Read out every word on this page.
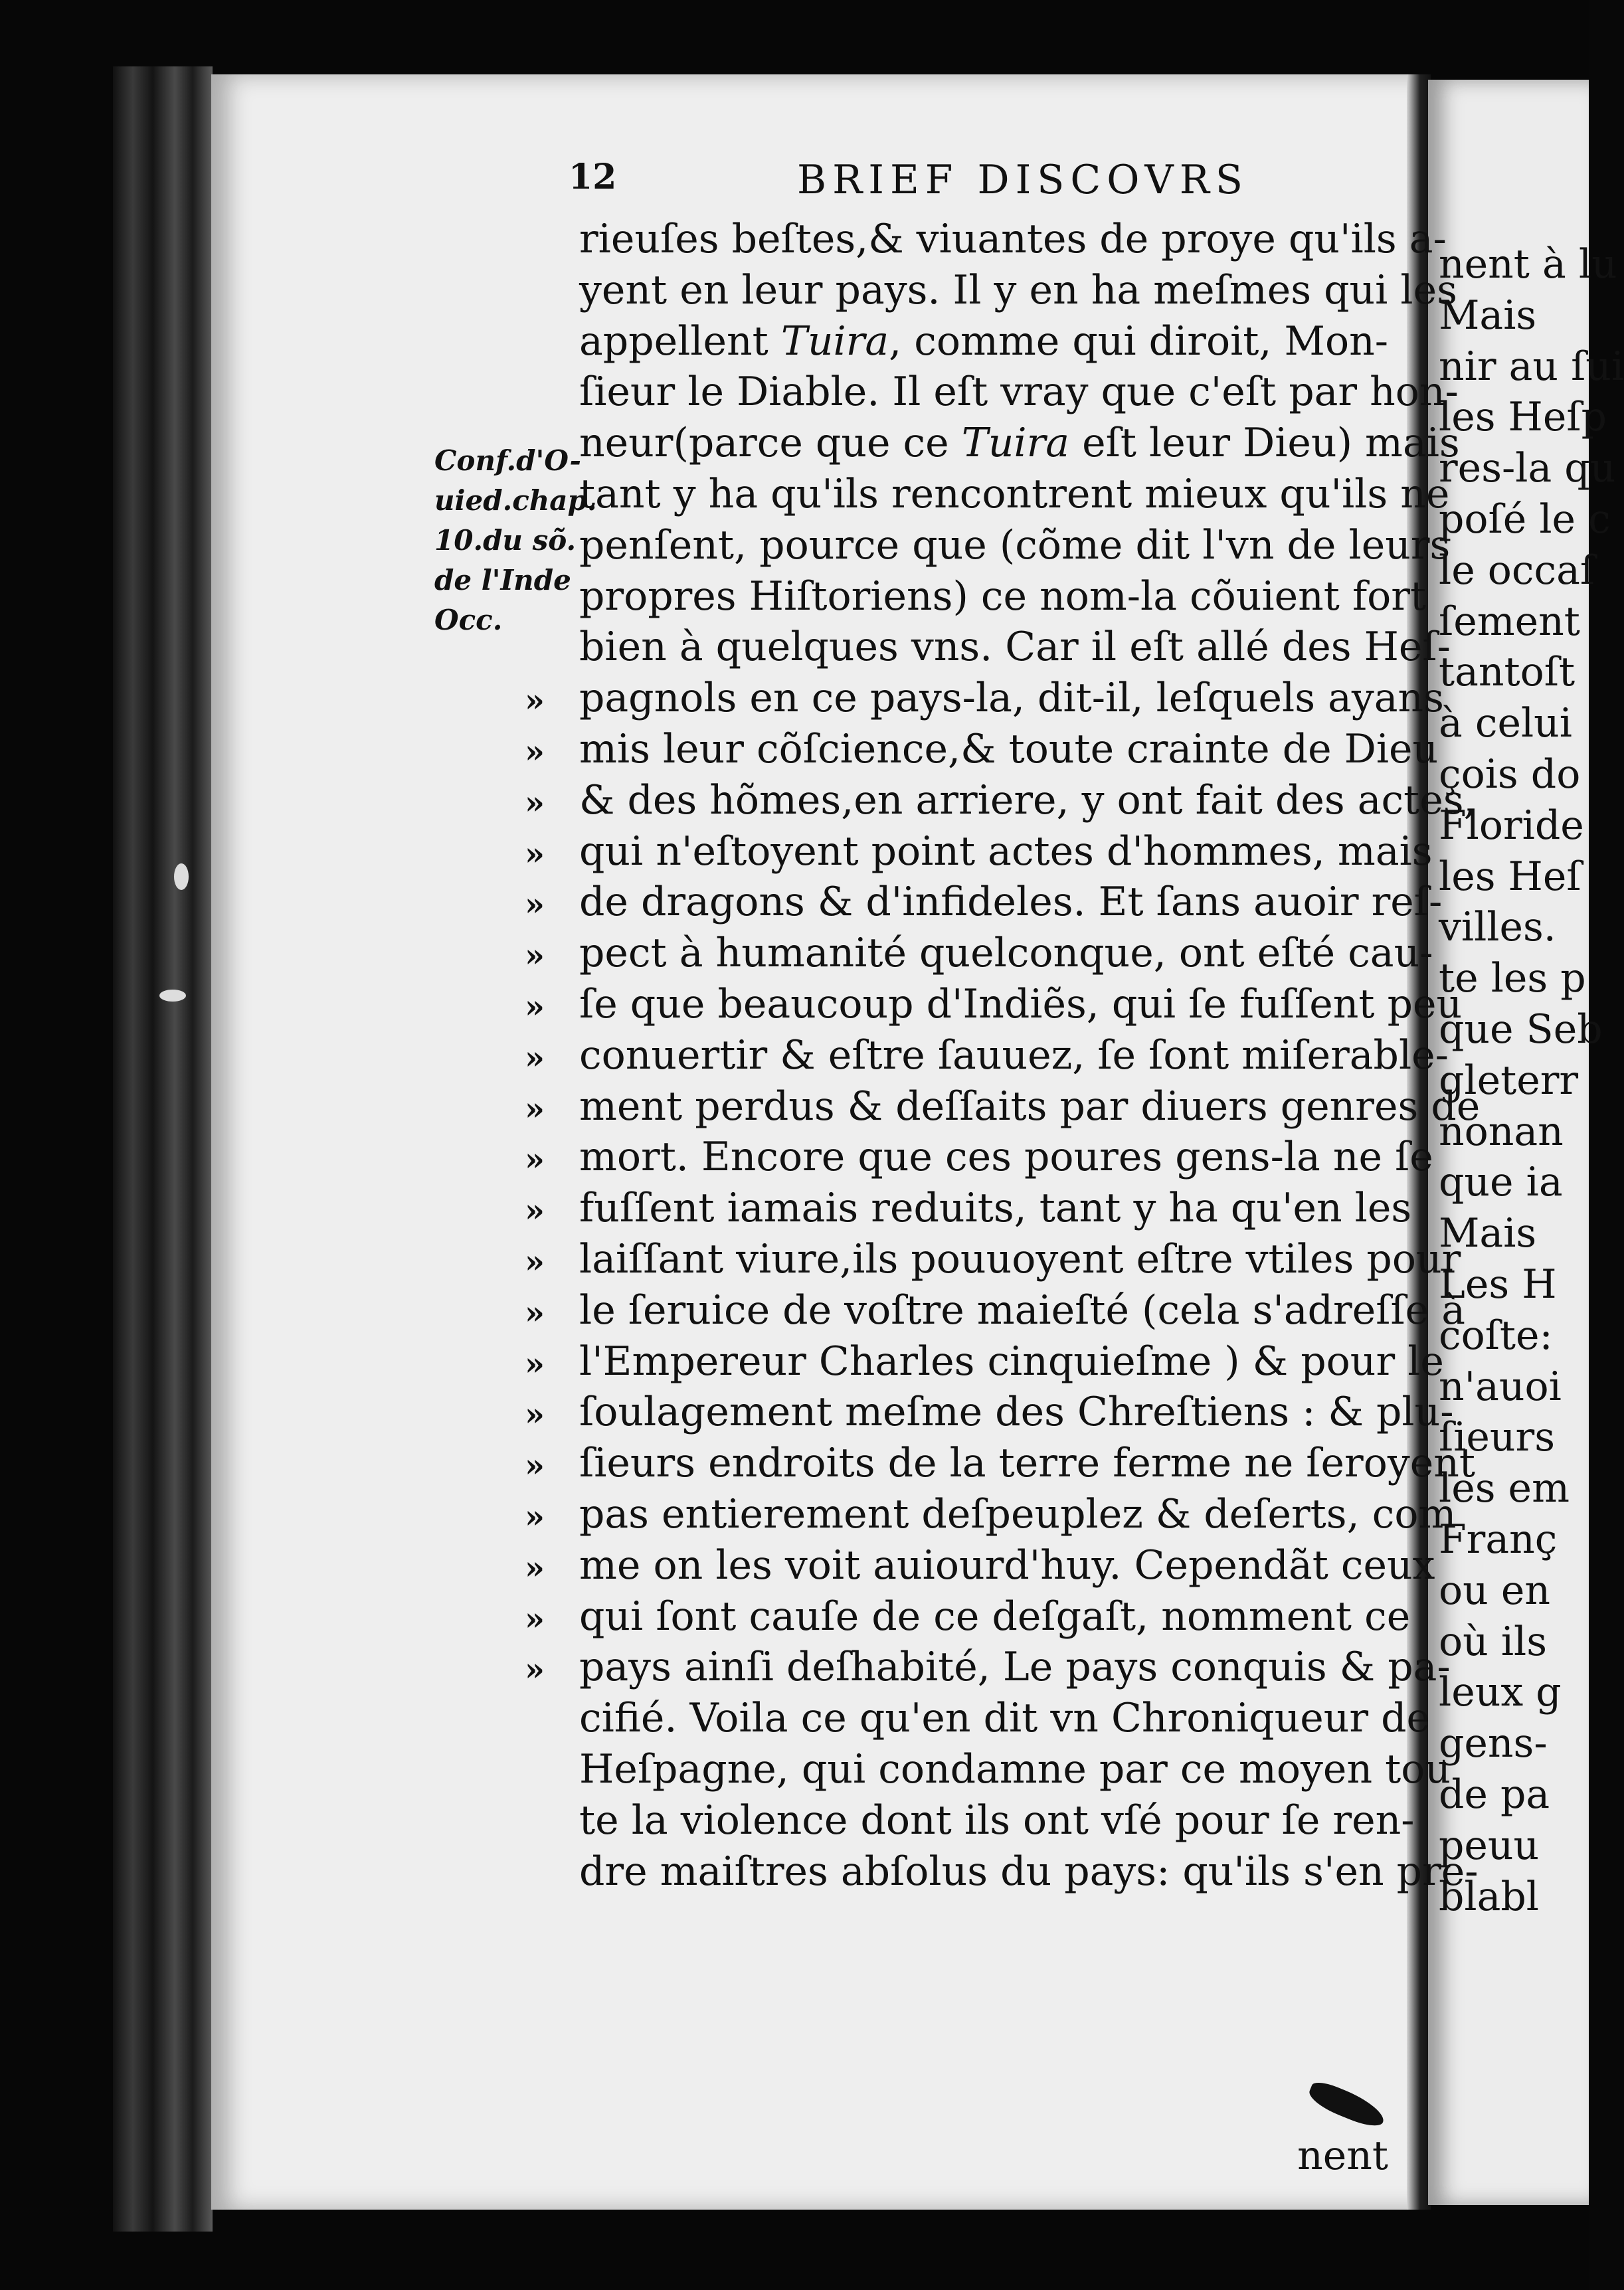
12	BRIEF DISCOVRS
Conf.d'O-
uied.chap.
10.du sõ.
de l'Inde
Occ.
rieuſes beſtes,& viuantes de proye qu'ils a-
yent en leur pays. Il y en ha meſmes qui les
appellent Tuira, comme qui diroit, Mon-
ſieur le Diable. Il eſt vray que c'eſt par hon-
neur(parce que ce Tuira eſt leur Dieu) mais
tant y ha qu'ils rencontrent mieux qu'ils ne
penſent, pource que (cõme dit l'vn de leurs
propres Hiſtoriens) ce nom-la cõuient fort
bien à quelques vns. Car il eſt allé des Heſ-
» pagnols en ce pays-la, dit-il, leſquels ayans
» mis leur cõſcience,& toute crainte de Dieu
» & des hõmes,en arriere, y ont fait des actes,
» qui n'eſtoyent point actes d'hommes, mais
» de dragons & d'infideles. Et ſans auoir reſ-
» pect à humanité quelconque, ont eſté cau-
» ſe que beaucoup d'Indiẽs, qui ſe fuſſent peu
» conuertir & eſtre ſauuez, ſe ſont miſerable-
» ment perdus & deſſaits par diuers genres de
» mort. Encore que ces poures gens-la ne ſe
» fuſſent iamais reduits, tant y ha qu'en les
» laiſſant viure,ils pouuoyent eſtre vtiles pour
» le ſeruice de voſtre maieſté (cela s'adreſſe à
» l'Empereur Charles cinquieſme ) & pour le
» ſoulagement meſme des Chreſtiens : & plu-
» ſieurs endroits de la terre ferme ne ſeroyent
» pas entierement deſpeuplez & deſerts, com
» me on les voit auiourd'huy. Cependãt ceux
» qui ſont cauſe de ce deſgaſt, nomment ce
» pays ainſi deſhabité, Le pays conquis & pa-
cifié. Voila ce qu'en dit vn Chroniqueur de
Heſpagne, qui condamne par ce moyen tou
te la violence dont ils ont vſé pour ſe ren-
dre maiſtres abſolus du pays: qu'ils s'en pre-
nent
nent à lu
Mais
nir au ſui
les Heſp
res-la qu
poſé le c
le occaſ
ſement
tantoſt
à celui
çois do
Floride
les Heſ
villes.
te les p
que Seb
gleterr
nonan
que ia
Mais
Les H
coſte:
n'auoi
ſieurs
les em
Franç
ou en
où ils
leux g
gens-
de pa
peuu
blabl
